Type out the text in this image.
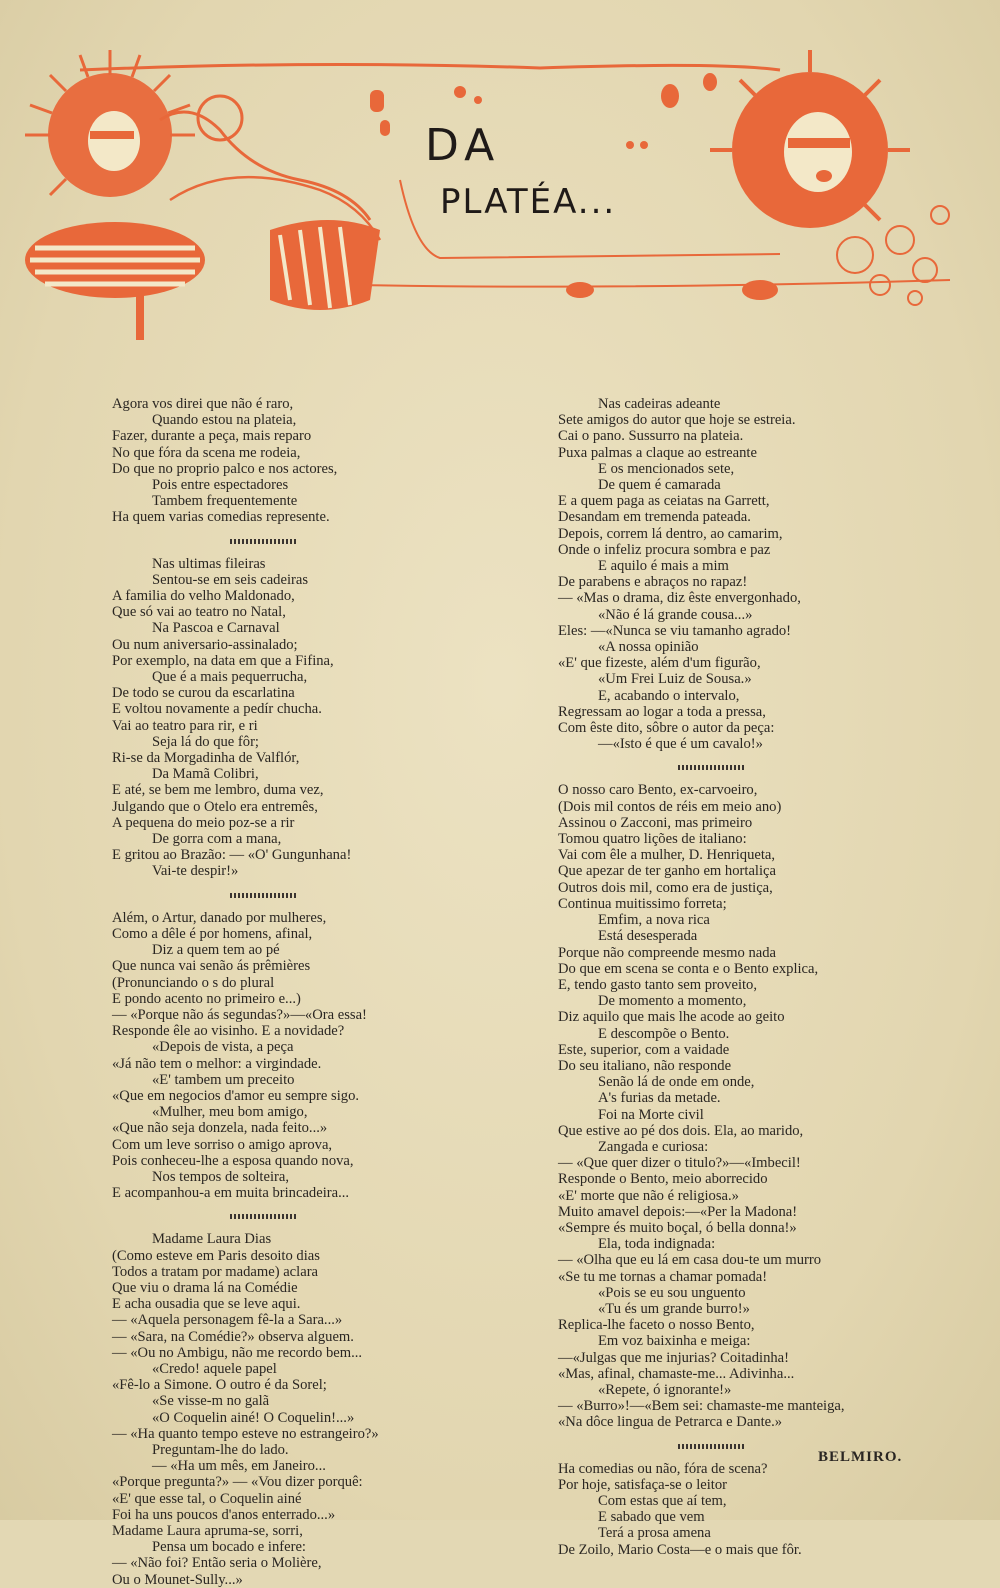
DA
PLATÉA...
Agora vos direi que não é raro,
Quando estou na plateia,
Fazer, durante a peça, mais reparo
No que fóra da scena me rodeia,
Do que no proprio palco e nos actores,
Pois entre espectadores
Tambem frequentemente
Ha quem varias comedias represente.
Nas ultimas fileiras
Sentou-se em seis cadeiras
A familia do velho Maldonado,
Que só vai ao teatro no Natal,
Na Pascoa e Carnaval
Ou num aniversario-assinalado;
Por exemplo, na data em que a Fifina,
Que é a mais pequerrucha,
De todo se curou da escarlatina
E voltou novamente a pedír chucha.
Vai ao teatro para rir, e ri
Seja lá do que fôr;
Ri-se da Morgadinha de Valflór,
Da Mamã Colibri,
E até, se bem me lembro, duma vez,
Julgando que o Otelo era entremês,
A pequena do meio poz-se a rir
De gorra com a mana,
E gritou ao Brazão: — «O' Gungunhana!
Vai-te despir!»
Além, o Artur, danado por mulheres,
Como a dêle é por homens, afinal,
Diz a quem tem ao pé
Que nunca vai senão ás prêmières
(Pronunciando o s do plural
E pondo acento no primeiro e...)
— «Porque não ás segundas?»—«Ora essa!
Responde êle ao visinho. E a novidade?
«Depois de vista, a peça
«Já não tem o melhor: a virgindade.
«E' tambem um preceito
«Que em negocios d'amor eu sempre sigo.
«Mulher, meu bom amigo,
«Que não seja donzela, nada feito...»
Com um leve sorriso o amigo aprova,
Pois conheceu-lhe a esposa quando nova,
Nos tempos de solteira,
E acompanhou-a em muita brincadeira...
Madame Laura Dias
(Como esteve em Paris desoito dias
Todos a tratam por madame) aclara
Que viu o drama lá na Comédie
E acha ousadia que se leve aqui.
— «Aquela personagem fê-la a Sara...»
— «Sara, na Comédie?» observa alguem.
— «Ou no Ambigu, não me recordo bem...
«Credo! aquele papel
«Fê-lo a Simone. O outro é da Sorel;
«Se visse-m no galã
«O Coquelin ainé! O Coquelin!...»
— «Ha quanto tempo esteve no estrangeiro?»
Preguntam-lhe do lado.
— «Ha um mês, em Janeiro...
«Porque pregunta?» — «Vou dizer porquê:
«E' que esse tal, o Coquelin ainé
Foi ha uns poucos d'anos enterrado...»
Madame Laura apruma-se, sorri,
Pensa um bocado e infere:
— «Não foi? Então seria o Molière,
Ou o Mounet-Sully...»
Nas cadeiras adeante
Sete amigos do autor que hoje se estreia.
Cai o pano. Sussurro na plateia.
Puxa palmas a claque ao estreante
E os mencionados sete,
De quem é camarada
E a quem paga as ceiatas na Garrett,
Desandam em tremenda pateada.
Depois, correm lá dentro, ao camarim,
Onde o infeliz procura sombra e paz
E aquilo é mais a mim
De parabens e abraços no rapaz!
— «Mas o drama, diz êste envergonhado,
«Não é lá grande cousa...»
Eles: —«Nunca se viu tamanho agrado!
«A nossa opinião
«E' que fizeste, além d'um figurão,
«Um Frei Luiz de Sousa.»
E, acabando o intervalo,
Regressam ao logar a toda a pressa,
Com êste dito, sôbre o autor da peça:
—«Isto é que é um cavalo!»
O nosso caro Bento, ex-carvoeiro,
(Dois mil contos de réis em meio ano)
Assinou o Zacconi, mas primeiro
Tomou quatro lições de italiano:
Vai com êle a mulher, D. Henriqueta,
Que apezar de ter ganho em hortaliça
Outros dois mil, como era de justiça,
Continua muitissimo forreta;
Emfim, a nova rica
Está desesperada
Porque não compreende mesmo nada
Do que em scena se conta e o Bento explica,
E, tendo gasto tanto sem proveito,
De momento a momento,
Diz aquilo que mais lhe acode ao geito
E descompõe o Bento.
Este, superior, com a vaidade
Do seu italiano, não responde
Senão lá de onde em onde,
A's furias da metade.
Foi na Morte civil
Que estive ao pé dos dois. Ela, ao marido,
Zangada e curiosa:
— «Que quer dizer o titulo?»—«Imbecil!
Responde o Bento, meio aborrecido
«E' morte que não é religiosa.»
Muito amavel depois:—«Per la Madona!
«Sempre és muito boçal, ó bella donna!»
Ela, toda indignada:
— «Olha que eu lá em casa dou-te um murro
«Se tu me tornas a chamar pomada!
«Pois se eu sou unguento
«Tu és um grande burro!»
Replica-lhe faceto o nosso Bento,
Em voz baixinha e meiga:
—«Julgas que me injurias? Coitadinha!
«Mas, afinal, chamaste-me... Adivinha...
«Repete, ó ignorante!»
— «Burro»!—«Bem sei: chamaste-me manteiga,
«Na dôce lingua de Petrarca e Dante.»
Ha comedias ou não, fóra de scena?
Por hoje, satisfaça-se o leitor
Com estas que aí tem,
E sabado que vem
Terá a prosa amena
De Zoilo, Mario Costa—e o mais que fôr.
BELMIRO.
